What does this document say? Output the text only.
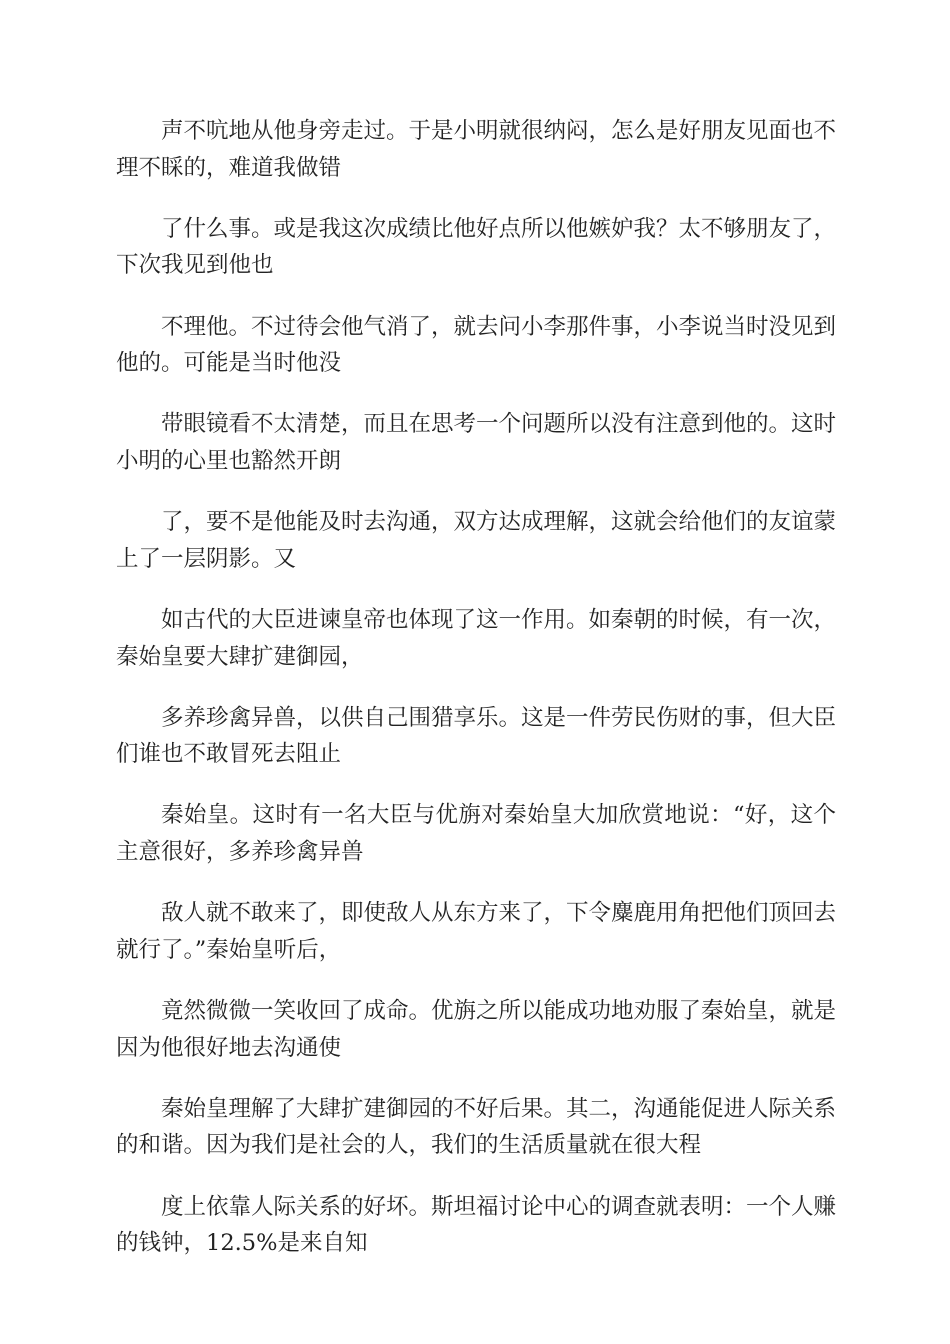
声不吭地从他身旁走过。于是小明就很纳闷，怎么是好朋友见面也不理不睬的，难道我做错

了什么事。或是我这次成绩比他好点所以他嫉妒我？太不够朋友了，下次我见到他也

不理他。不过待会他气消了，就去问小李那件事，小李说当时没见到他的。可能是当时他没

带眼镜看不太清楚，而且在思考一个问题所以没有注意到他的。这时小明的心里也豁然开朗

了，要不是他能及时去沟通，双方达成理解，这就会给他们的友谊蒙上了一层阴影。又

如古代的大臣进谏皇帝也体现了这一作用。如秦朝的时候，有一次，秦始皇要大肆扩建御园，

多养珍禽异兽，以供自己围猎享乐。这是一件劳民伤财的事，但大臣们谁也不敢冒死去阻止

秦始皇。这时有一名大臣与优旃对秦始皇大加欣赏地说：“好，这个主意很好，多养珍禽异兽

敌人就不敢来了，即使敌人从东方来了，下令麋鹿用角把他们顶回去就行了。”秦始皇听后，

竟然微微一笑收回了成命。优旃之所以能成功地劝服了秦始皇，就是因为他很好地去沟通使

秦始皇理解了大肆扩建御园的不好后果。其二，沟通能促进人际关系的和谐。因为我们是社会的人，我们的生活质量就在很大程

度上依靠人际关系的好坏。斯坦福讨论中心的调查就表明：一个人赚的钱钟，12.5%是来自知
